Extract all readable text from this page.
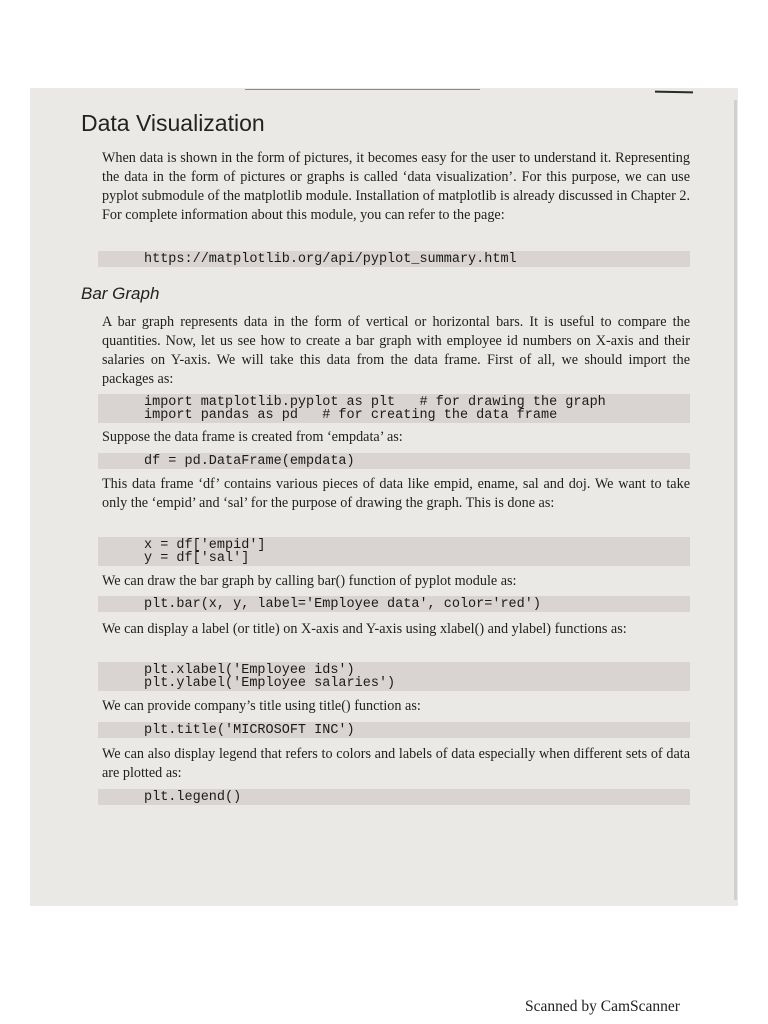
Data Visualization

When data is shown in the form of pictures, it becomes easy for the user to understand it. Representing the data in the form of pictures or graphs is called ‘data visualization’. For this purpose, we can use pyplot submodule of the matplotlib module. Installation of matplotlib is already discussed in Chapter 2. For complete information about this module, you can refer to the page:

https://matplotlib.org/api/pyplot_summary.html
Bar Graph

A bar graph represents data in the form of vertical or horizontal bars. It is useful to compare the quantities. Now, let us see how to create a bar graph with employee id numbers on X-axis and their salaries on Y-axis. We will take this data from the data frame. First of all, we should import the packages as:

import matplotlib.pyplot as plt   # for drawing the graph
import pandas as pd   # for creating the data frame

Suppose the data frame is created from ‘empdata’ as:

df = pd.DataFrame(empdata)

This data frame ‘df’ contains various pieces of data like empid, ename, sal and doj. We want to take only the ‘empid’ and ‘sal’ for the purpose of drawing the graph. This is done as:

x = df['empid']
y = df['sal']

We can draw the bar graph by calling bar() function of pyplot module as:

plt.bar(x, y, label='Employee data', color='red')

We can display a label (or title) on X-axis and Y-axis using xlabel() and ylabel) functions as:

plt.xlabel('Employee ids')
plt.ylabel('Employee salaries')

We can provide company’s title using title() function as:

plt.title('MICROSOFT INC')

We can also display legend that refers to colors and labels of data especially when different sets of data are plotted as:

plt.legend()

Scanned by CamScanner
